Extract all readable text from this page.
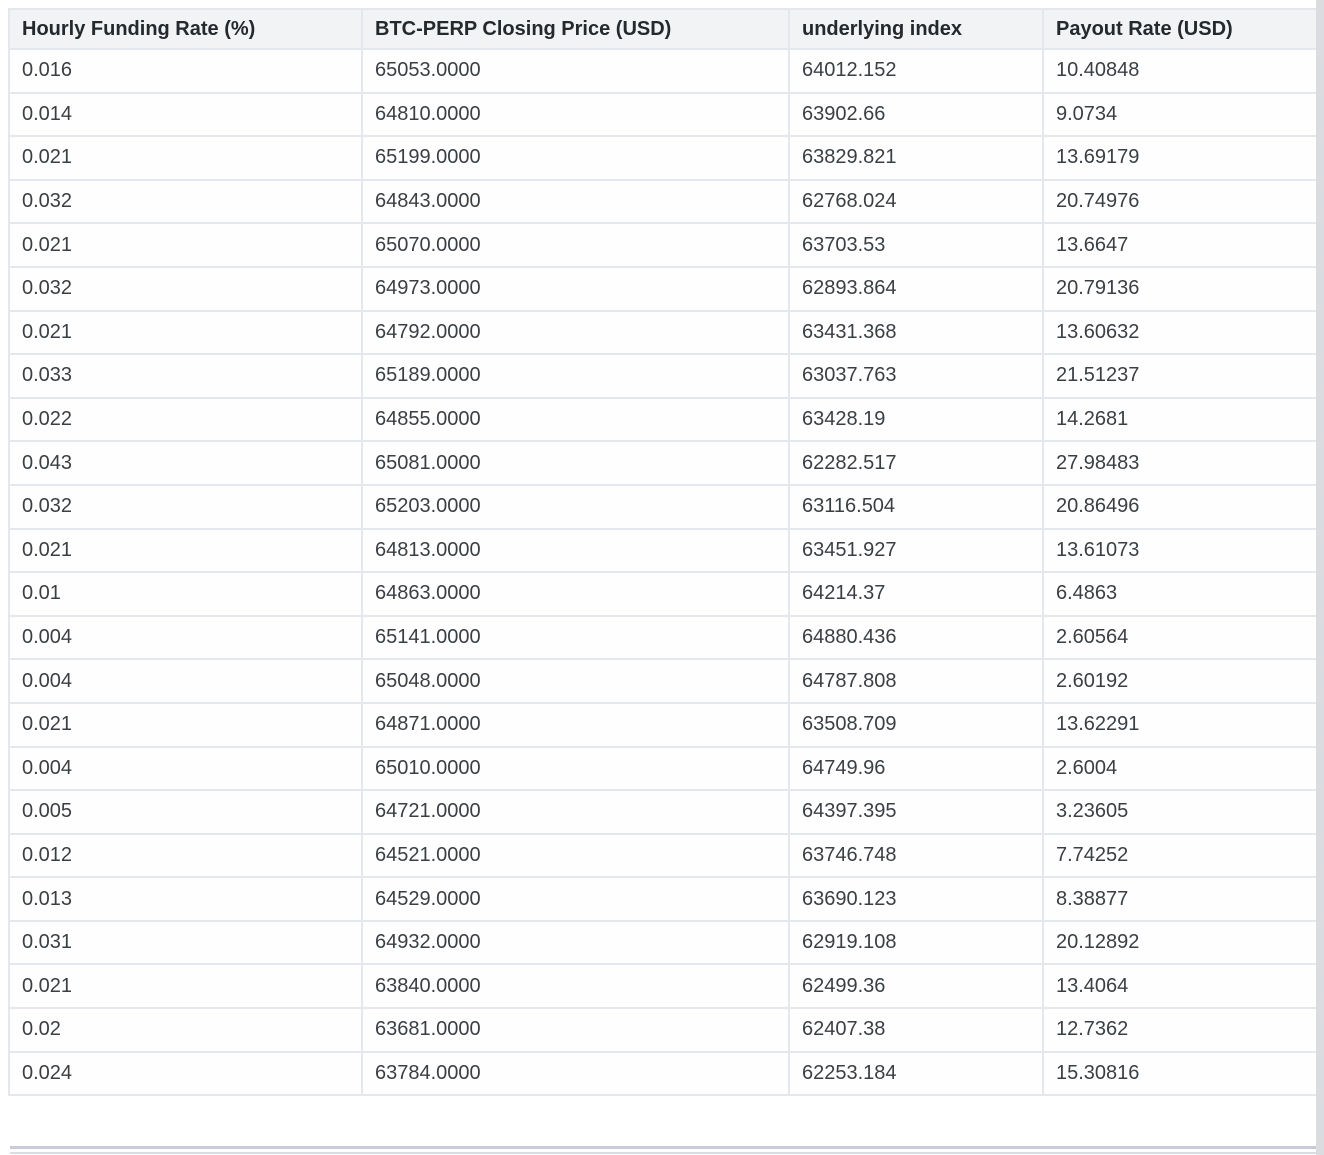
Hourly Funding Rate (%)	BTC-PERP Closing Price (USD)	underlying index	Payout Rate (USD)
0.016	65053.0000	64012.152	10.40848
0.014	64810.0000	63902.66	9.0734
0.021	65199.0000	63829.821	13.69179
0.032	64843.0000	62768.024	20.74976
0.021	65070.0000	63703.53	13.6647
0.032	64973.0000	62893.864	20.79136
0.021	64792.0000	63431.368	13.60632
0.033	65189.0000	63037.763	21.51237
0.022	64855.0000	63428.19	14.2681
0.043	65081.0000	62282.517	27.98483
0.032	65203.0000	63116.504	20.86496
0.021	64813.0000	63451.927	13.61073
0.01	64863.0000	64214.37	6.4863
0.004	65141.0000	64880.436	2.60564
0.004	65048.0000	64787.808	2.60192
0.021	64871.0000	63508.709	13.62291
0.004	65010.0000	64749.96	2.6004
0.005	64721.0000	64397.395	3.23605
0.012	64521.0000	63746.748	7.74252
0.013	64529.0000	63690.123	8.38877
0.031	64932.0000	62919.108	20.12892
0.021	63840.0000	62499.36	13.4064
0.02	63681.0000	62407.38	12.7362
0.024	63784.0000	62253.184	15.30816
